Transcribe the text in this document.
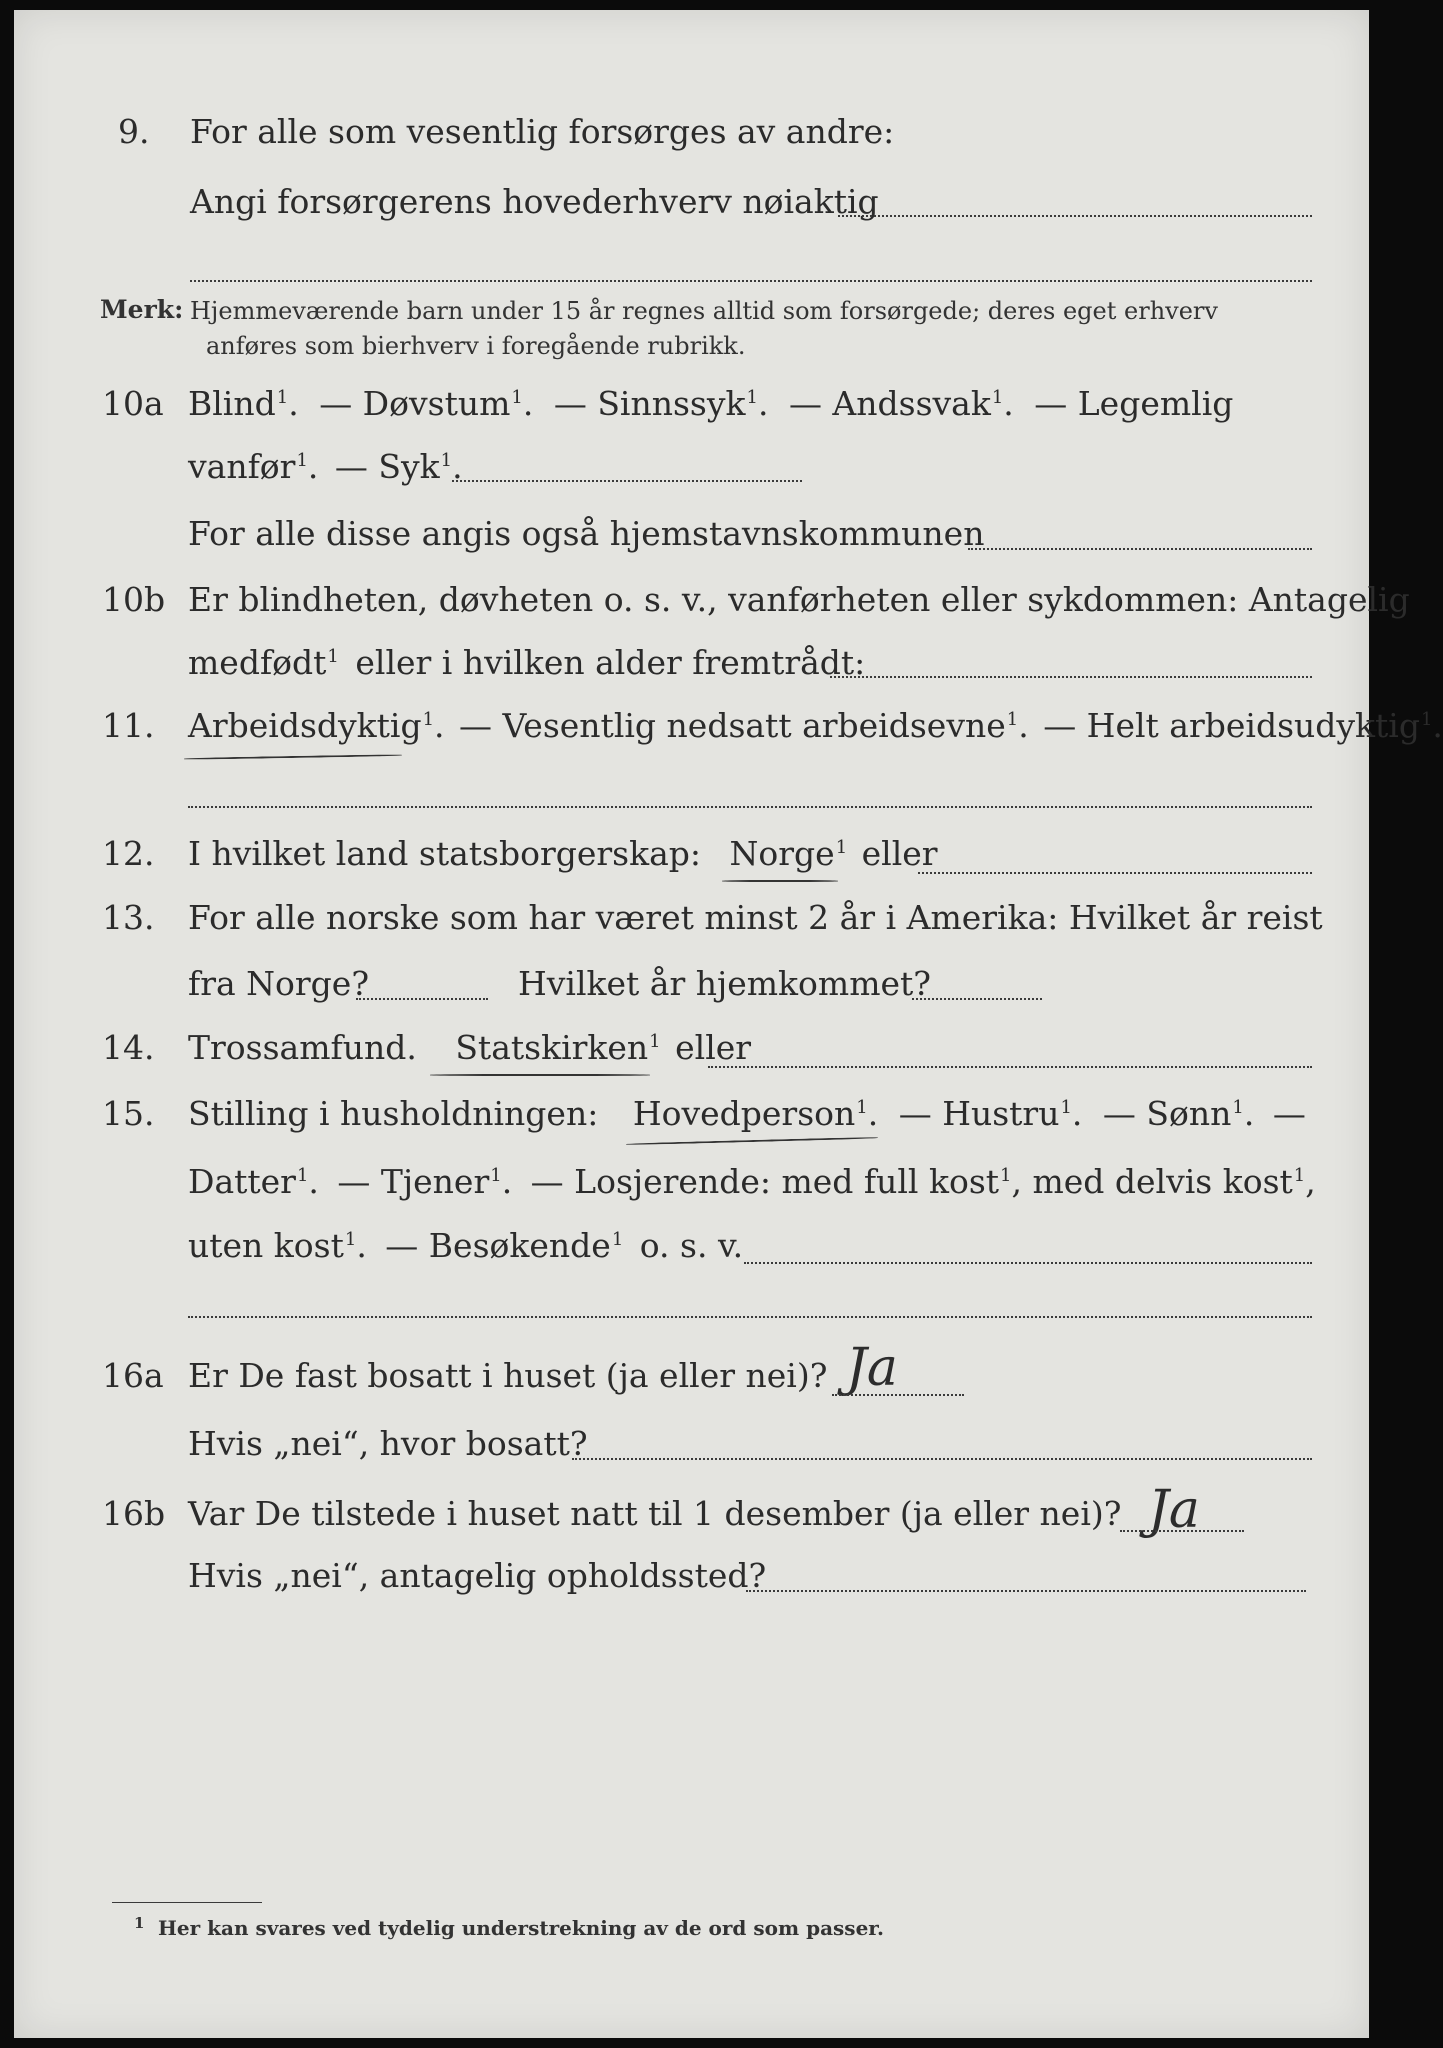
9. For alle som vesentlig forsørges av andre:
Angi forsørgerens hovederhverv nøiaktig
Merk: Hjemmeværende barn under 15 år regnes alltid som forsørgede; deres eget erhverv
anføres som bierhverv i foregående rubrikk.
10a Blind$^1$. — Døvstum$^1$. — Sinnssyk$^1$. — Andssvak$^1$. — Legemlig
vanfør$^1$. — Syk$^1$.
For alle disse angis også hjemstavnskommunen
10b Er blindheten, døvheten o. s. v., vanførheten eller sykdommen: Antagelig
medfødt$^1$ eller i hvilken alder fremtrådt:
11. Arbeidsdyktig$^1$. — Vesentlig nedsatt arbeidsevne$^1$. — Helt arbeidsudyktig$^1$.
12. I hvilket land statsborgerskap: Norge$^1$ eller
13. For alle norske som har været minst 2 år i Amerika: Hvilket år reist
fra Norge?	Hvilket år hjemkommet?
14. Trossamfund. Statskirken$^1$ eller
15. Stilling i husholdningen: Hovedperson$^1$. — Hustru$^1$. — Sønn$^1$. —
Datter$^1$. — Tjener$^1$. — Losjerende: med full kost$^1$, med delvis kost$^1$,
uten kost$^1$. — Besøkende$^1$ o. s. v.
16a Er De fast bosatt i huset (ja eller nei)? Ja
Hvis „nei“, hvor bosatt?
16b Var De tilstede i huset natt til 1 desember (ja eller nei)? Ja
Hvis „nei“, antagelig opholdssted?
1 Her kan svares ved tydelig understrekning av de ord som passer.
